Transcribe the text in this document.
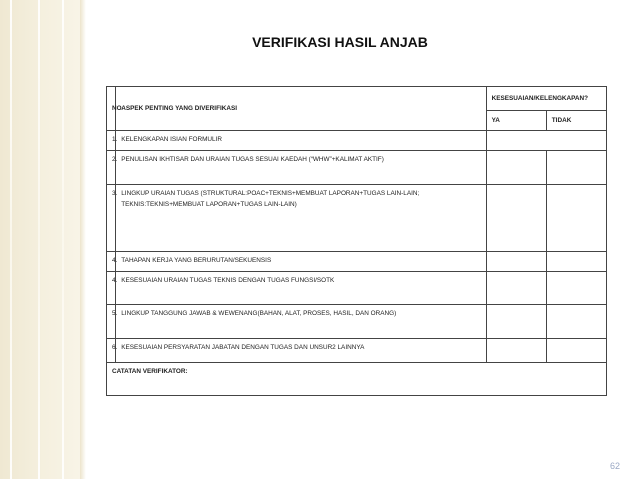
VERIFIKASI HASIL ANJAB
NO	ASPEK PENTING YANG DIVERIFIKASI	KESESUAIAN/KELENGKAPAN?	
		YA	TIDAK
1.	KELENGKAPAN ISIAN FORMULIR		
2.	PENULISAN IKHTISAR DAN URAIAN TUGAS SESUAI KAEDAH (“WHW”+KALIMAT AKTIF)		
3.	LINGKUP URAIAN TUGAS (STRUKTURAL:POAC+TEKNIS+MEMBUAT LAPORAN+TUGAS LAIN-LAIN; TEKNIS:TEKNIS+MEMBUAT LAPORAN+TUGAS LAIN-LAIN)		
4.	TAHAPAN KERJA YANG BERURUTAN/SEKUENSIS		
4.	KESESUAIAN URAIAN TUGAS TEKNIS DENGAN TUGAS FUNGSI/SOTK		
5.	LINGKUP TANGGUNG JAWAB & WEWENANG(BAHAN, ALAT, PROSES, HASIL, DAN ORANG)		
6.	KESESUAIAN PERSYARATAN JABATAN DENGAN TUGAS DAN UNSUR2 LAINNYA		
CATATAN VERIFIKATOR:			
62
